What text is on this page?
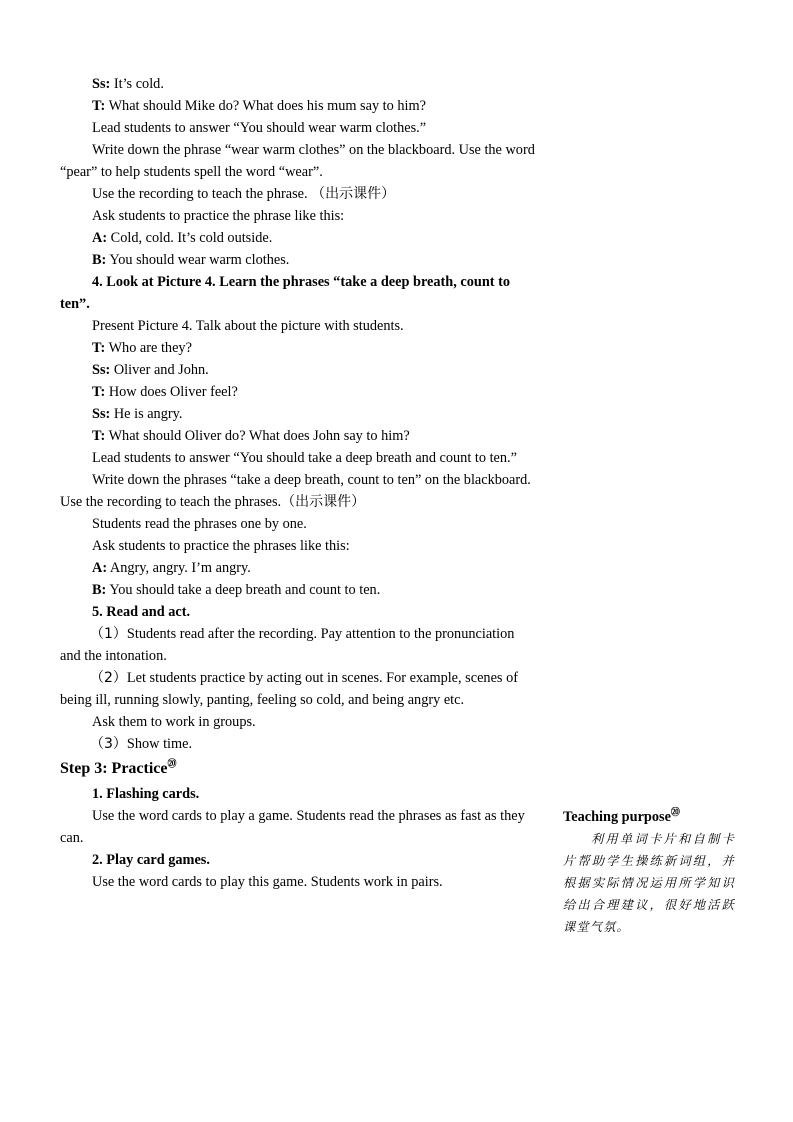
Ss: It’s cold.
T: What should Mike do? What does his mum say to him?
Lead students to answer “You should wear warm clothes.”
Write down the phrase “wear warm clothes” on the blackboard. Use the word “pear” to help students spell the word “wear”.
Use the recording to teach the phrase. （出示课件）
Ask students to practice the phrase like this:
A: Cold, cold. It’s cold outside.
B: You should wear warm clothes.
4. Look at Picture 4. Learn the phrases “take a deep breath, count to ten”.
Present Picture 4. Talk about the picture with students.
T: Who are they?
Ss: Oliver and John.
T: How does Oliver feel?
Ss: He is angry.
T: What should Oliver do? What does John say to him?
Lead students to answer “You should take a deep breath and count to ten.”
Write down the phrases “take a deep breath, count to ten” on the blackboard. Use the recording to teach the phrases.（出示课件）
Students read the phrases one by one.
Ask students to practice the phrases like this:
A: Angry, angry. I’m angry.
B: You should take a deep breath and count to ten.
5. Read and act.
（1）Students read after the recording. Pay attention to the pronunciation and the intonation.
（2）Let students practice by acting out in scenes. For example, scenes of being ill, running slowly, panting, feeling so cold, and being angry etc.
Ask them to work in groups.
（3）Show time.
Step 3: Practice⑳
1. Flashing cards.
Use the word cards to play a game. Students read the phrases as fast as they can.
2. Play card games.
Use the word cards to play this game. Students work in pairs.
Teaching purpose⑳
利用单词卡片和自制卡片帮助学生操练新词组，并根据实际情况运用所学知识给出合理建议，很好地活跃课堂气氛。
